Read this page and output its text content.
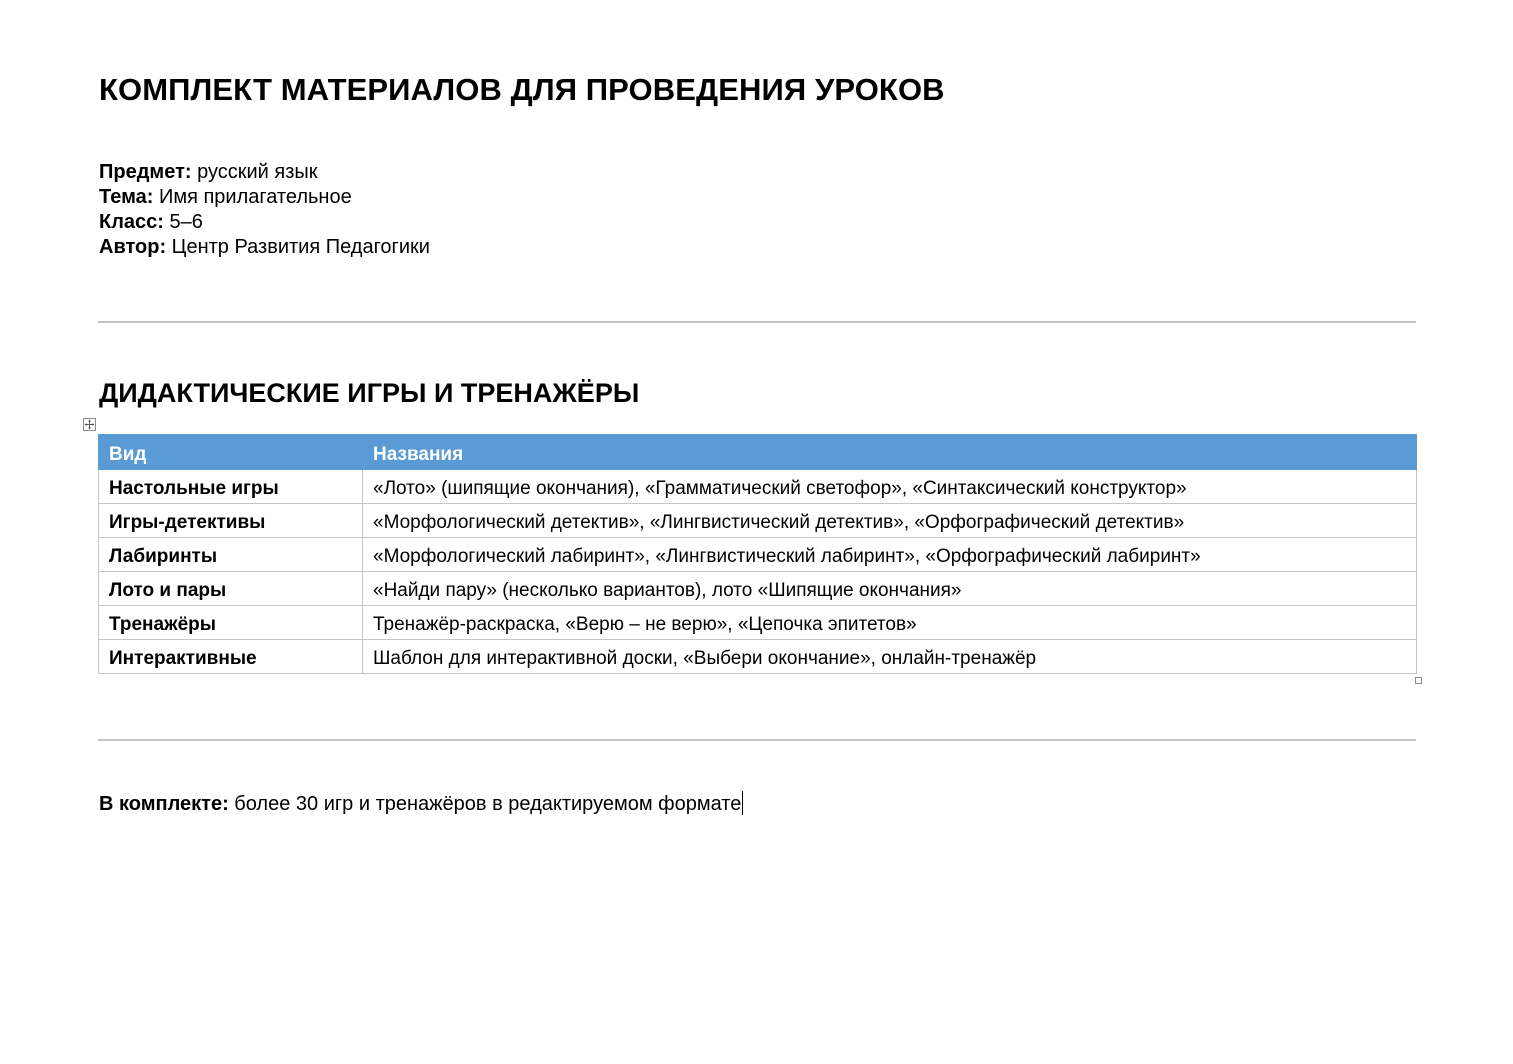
КОМПЛЕКТ МАТЕРИАЛОВ ДЛЯ ПРОВЕДЕНИЯ УРОКОВ
Предмет: русский язык
Тема: Имя прилагательное
Класс: 5–6
Автор: Центр Развития Педагогики
ДИДАКТИЧЕСКИЕ ИГРЫ И ТРЕНАЖЁРЫ
Вид	Названия
Настольные игры	«Лото» (шипящие окончания), «Грамматический светофор», «Синтаксический конструктор»
Игры-детективы	«Морфологический детектив», «Лингвистический детектив», «Орфографический детектив»
Лабиринты	«Морфологический лабиринт», «Лингвистический лабиринт», «Орфографический лабиринт»
Лото и пары	«Найди пару» (несколько вариантов), лото «Шипящие окончания»
Тренажёры	Тренажёр-раскраска, «Верю – не верю», «Цепочка эпитетов»
Интерактивные	Шаблон для интерактивной доски, «Выбери окончание», онлайн-тренажёр
В комплекте: более 30 игр и тренажёров в редактируемом формате
